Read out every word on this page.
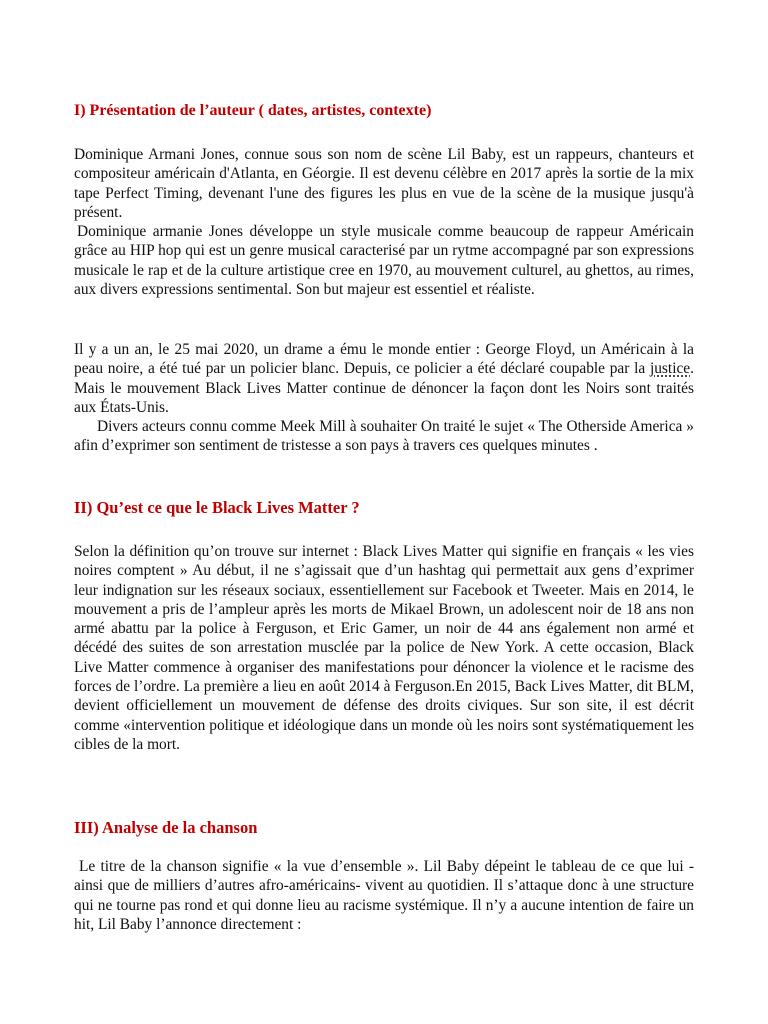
I) Présentation de l’auteur ( dates, artistes, contexte)

Dominique Armani Jones, connue sous son nom de scène Lil Baby, est un rappeurs, chanteurs et compositeur américain d'Atlanta, en Géorgie. Il est devenu célèbre en 2017 après la sortie de la mix tape Perfect Timing, devenant l'une des figures les plus en vue de la scène de la musique jusqu'à présent.

Dominique armanie Jones développe un style musicale comme beaucoup de rappeur Américain grâce au HIP hop qui est un genre musical caracterisé par un rytme accompagné par son expressions musicale le rap et de la culture artistique cree en 1970, au mouvement culturel, au ghettos, au rimes, aux divers expressions sentimental. Son but majeur est essentiel et réaliste.

Il y a un an, le 25 mai 2020, un drame a ému le monde entier : George Floyd, un Américain à la peau noire, a été tué par un policier blanc. Depuis, ce policier a été déclaré coupable par la justice. Mais le mouvement Black Lives Matter continue de dénoncer la façon dont les Noirs sont traités aux États-Unis.

Divers acteurs connu comme Meek Mill à souhaiter On traité le sujet « The Otherside America » afin d’exprimer son sentiment de tristesse a son pays à travers ces quelques minutes .

II) Qu’est ce que le Black Lives Matter ?

Selon la définition qu’on trouve sur internet : Black Lives Matter qui signifie en français « les vies noires comptent » Au début, il ne s’agissait que d’un hashtag qui permettait aux gens d’exprimer leur indignation sur les réseaux sociaux, essentiellement sur Facebook et Tweeter. Mais en 2014, le mouvement a pris de l’ampleur après les morts de Mikael Brown, un adolescent noir de 18 ans non armé abattu par la police à Ferguson, et Eric Gamer, un noir de 44 ans également non armé et décédé des suites de son arrestation musclée par la police de New York. A cette occasion, Black Live Matter commence à organiser des manifestations pour dénoncer la violence et le racisme des forces de l’ordre. La première a lieu en août 2014 à Ferguson.En 2015, Back Lives Matter, dit BLM, devient officiellement un mouvement de défense des droits civiques. Sur son site, il est décrit comme «intervention politique et idéologique dans un monde où les noirs sont systématiquement les cibles de la mort.

III) Analyse de la chanson

Le titre de la chanson signifie « la vue d’ensemble ». Lil Baby dépeint le tableau de ce que lui -ainsi que de milliers d’autres afro-américains- vivent au quotidien. Il s’attaque donc à une structure qui ne tourne pas rond et qui donne lieu au racisme systémique. Il n’y a aucune intention de faire un hit, Lil Baby l’annonce directement :
